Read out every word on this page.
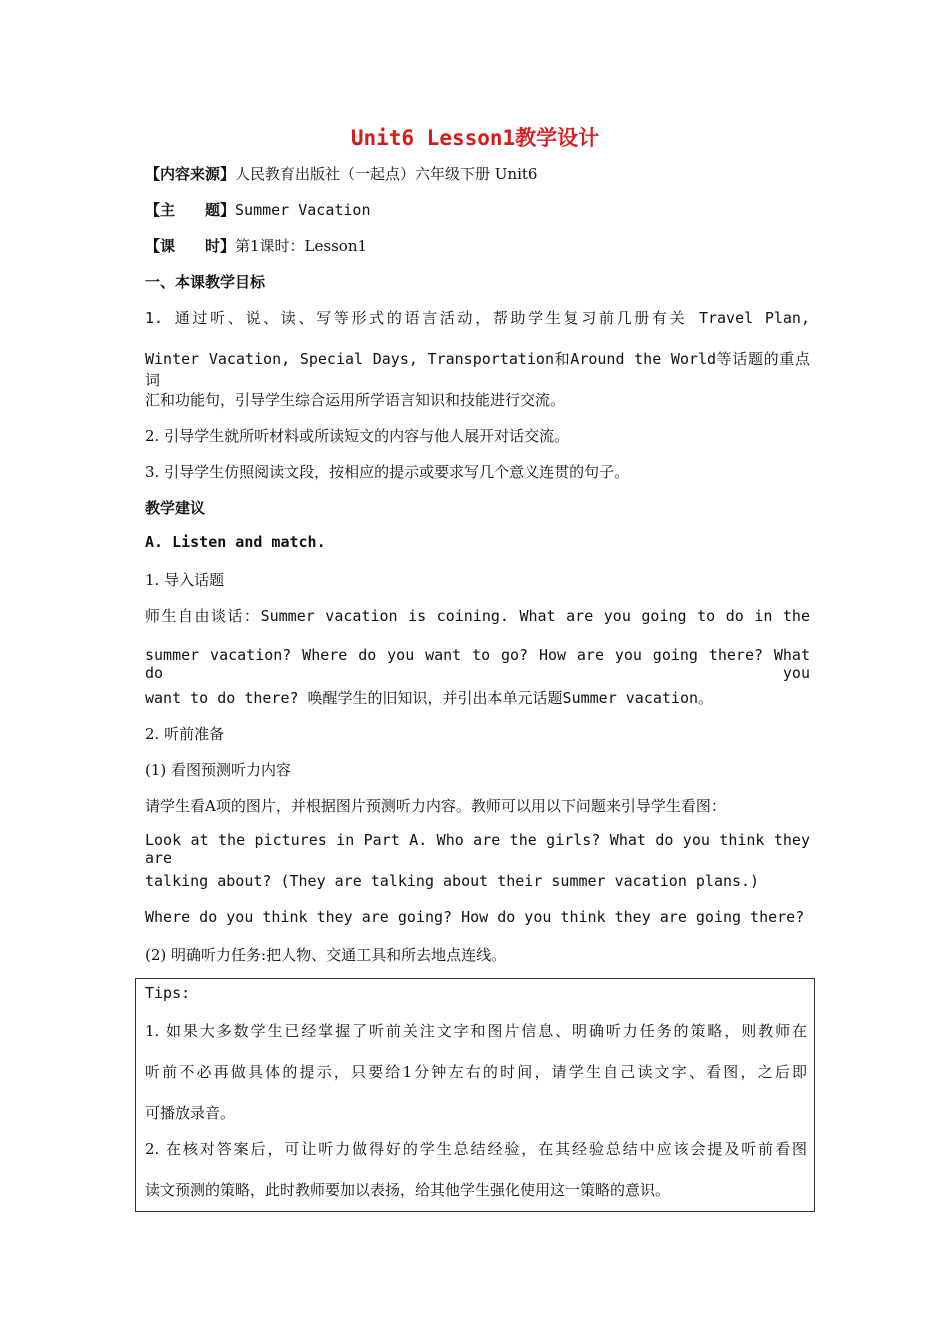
Unit6 Lesson1教学设计
【内容来源】人民教育出版社（一起点）六年级下册 Unit6
【主　　题】Summer Vacation
【课　　时】第1课时：Lesson1
一、本课教学目标
1. 通过听、说、读、写等形式的语言活动，帮助学生复习前几册有关 Travel Plan,
Winter Vacation, Special Days, Transportation和Around the World等话题的重点词
汇和功能句，引导学生综合运用所学语言知识和技能进行交流。
2. 引导学生就所听材料或所读短文的内容与他人展开对话交流。
3. 引导学生仿照阅读文段，按相应的提示或要求写几个意义连贯的句子。
教学建议
A. Listen and match.
1. 导入话题
师生自由谈话：Summer vacation is coining. What are you going to do in the
summer vacation? Where do you want to go? How are you going there? What do you
want to do there? 唤醒学生的旧知识，并引出本单元话题Summer vacation。
2. 听前准备
(1) 看图预测听力内容
请学生看A项的图片，并根据图片预测听力内容。教师可以用以下问题来引导学生看图：
Look at the pictures in Part A. Who are the girls? What do you think they are
talking about? (They are talking about their summer vacation plans.)
Where do you think they are going? How do you think they are going there?
(2) 明确听力任务:把人物、交通工具和所去地点连线。
Tips:
1. 如果大多数学生已经掌握了听前关注文字和图片信息、明确听力任务的策略，则教师在
听前不必再做具体的提示，只要给1分钟左右的时间，请学生自己读文字、看图，之后即
可播放录音。
2. 在核对答案后，可让听力做得好的学生总结经验，在其经验总结中应该会提及听前看图
读文预测的策略，此时教师要加以表扬，给其他学生强化使用这一策略的意识。
